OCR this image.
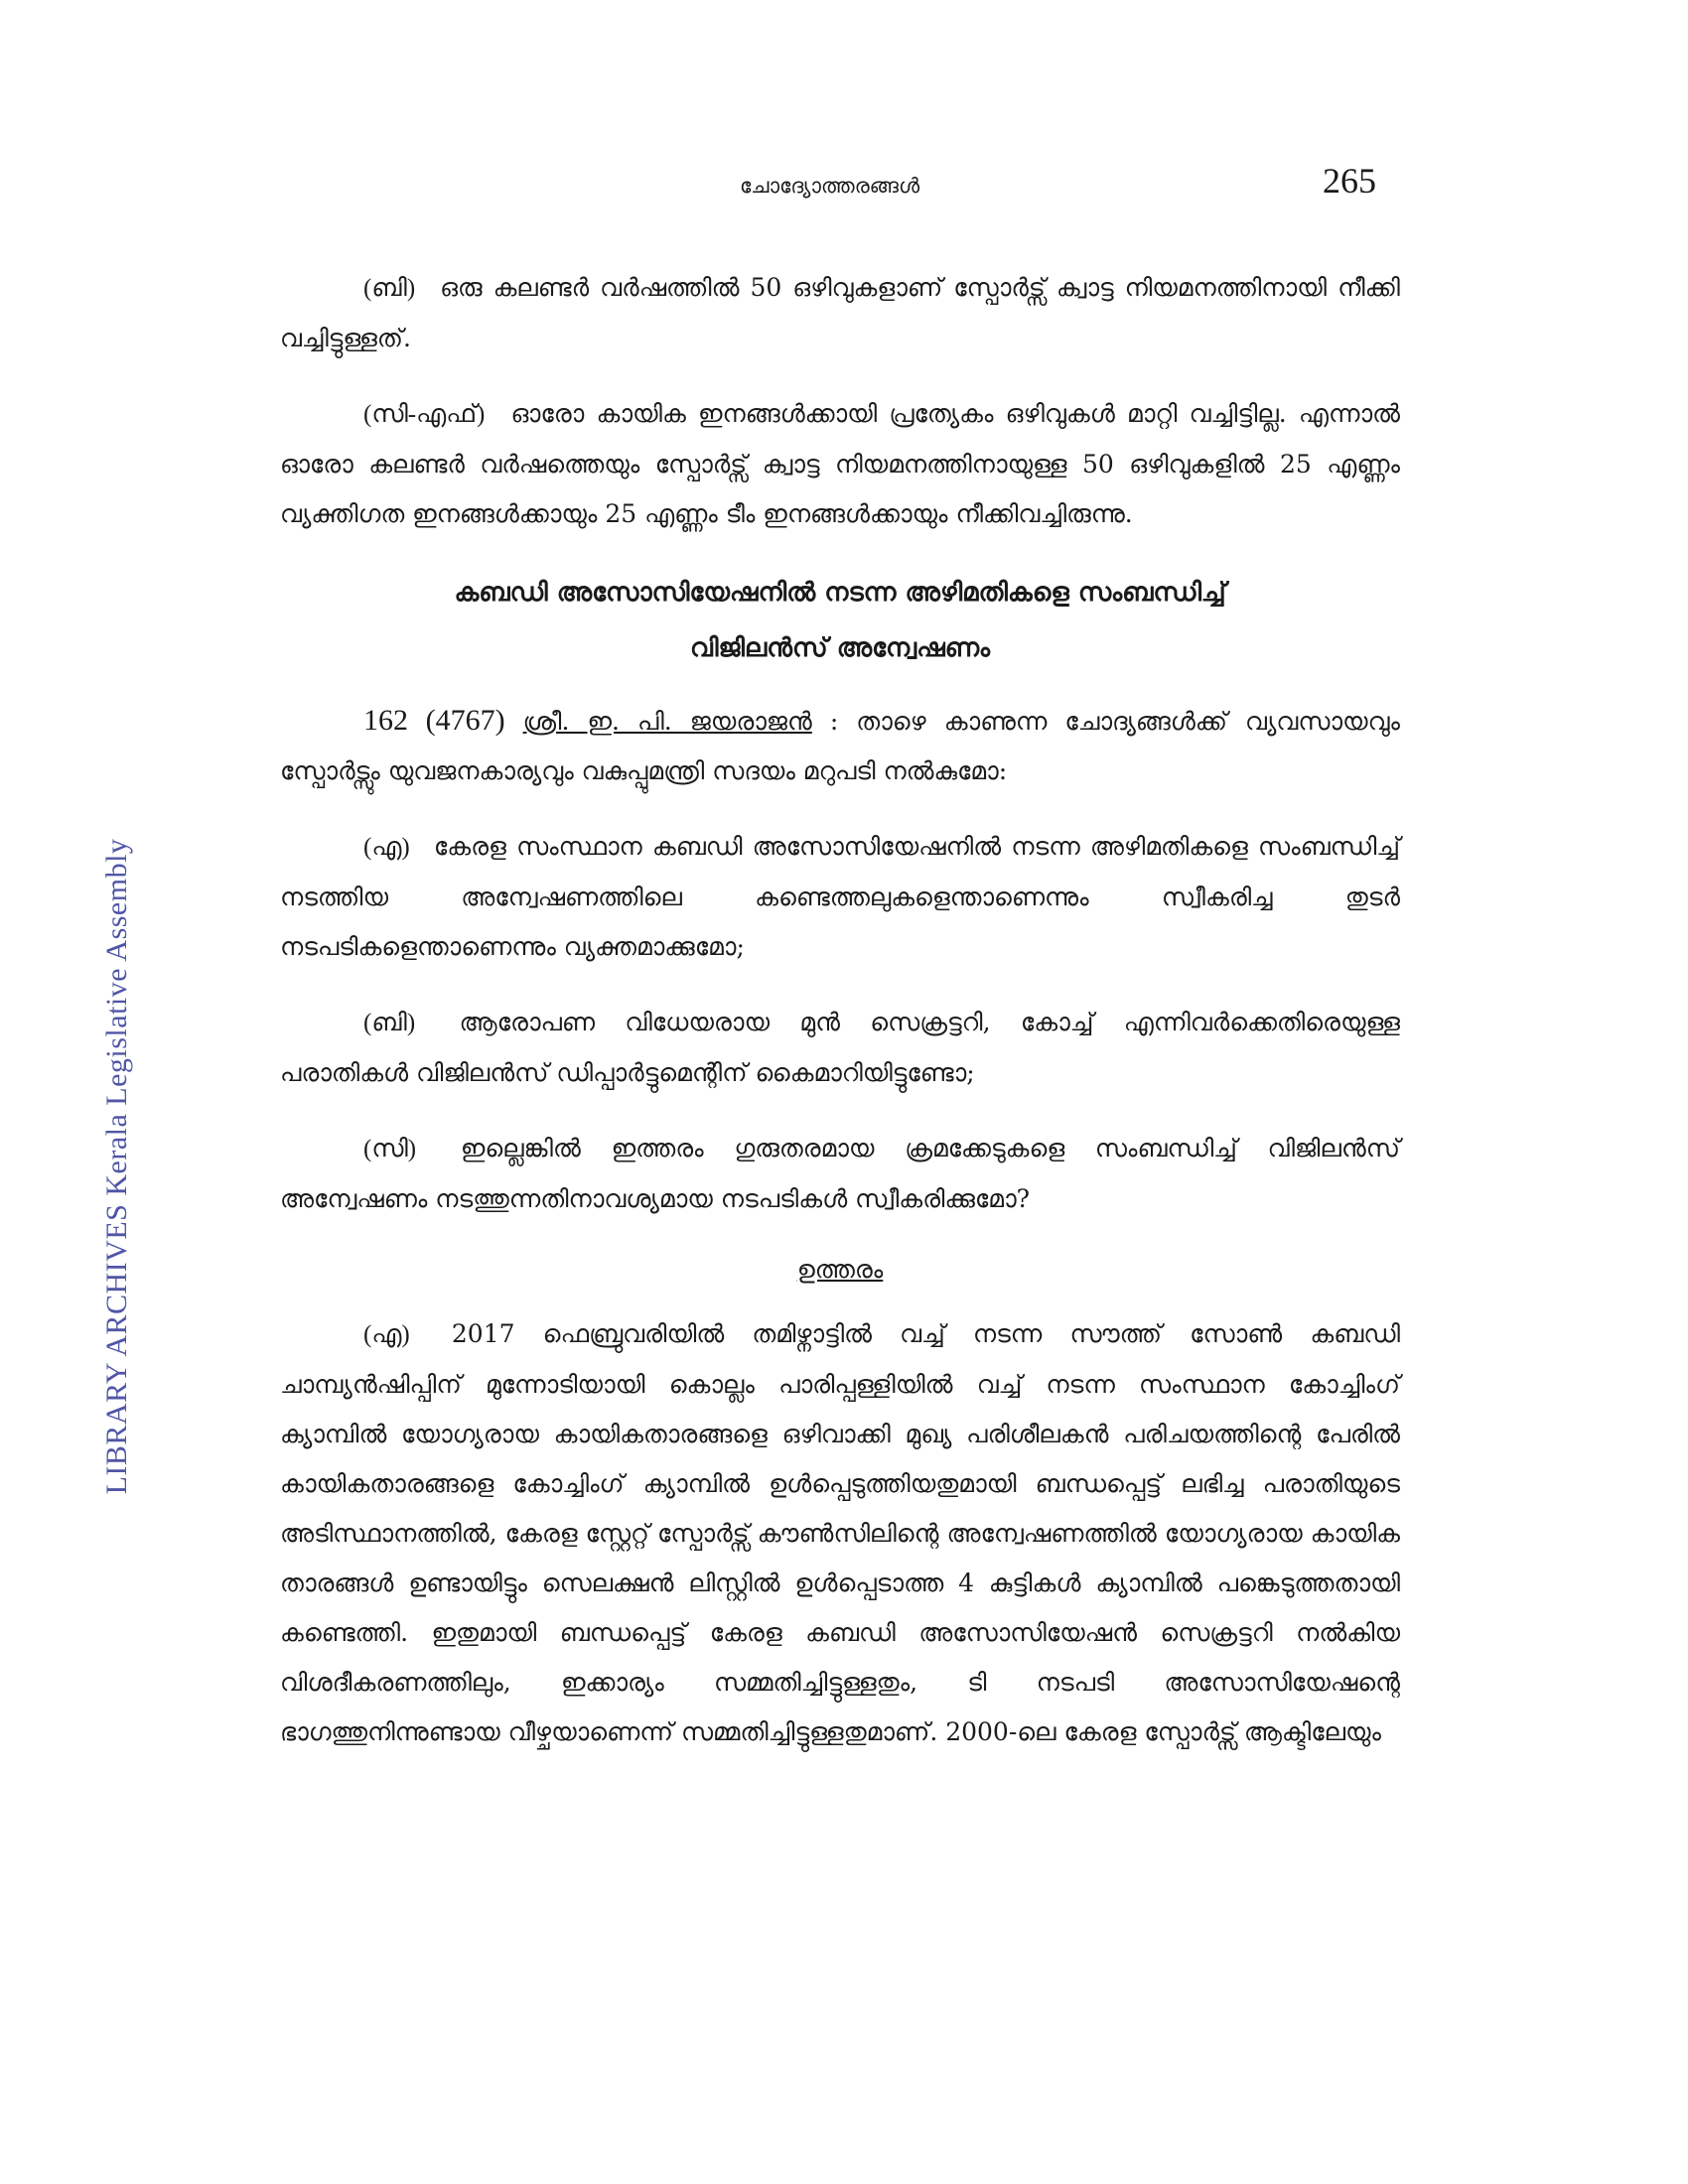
LIBRARY ARCHIVES Kerala Legislative Assembly
ചോദ്യോത്തരങ്ങൾ	265

(ബി) ഒരു കലണ്ടർ വർഷത്തിൽ 50 ഒഴിവുകളാണ് സ്പോർട്സ് ക്വാട്ട നിയമനത്തിനായി നീക്കി വച്ചിട്ടുള്ളത്.

(സി-എഫ്) ഓരോ കായിക ഇനങ്ങൾക്കായി പ്രത്യേകം ഒഴിവുകൾ മാറ്റി വച്ചിട്ടില്ല. എന്നാൽ ഓരോ കലണ്ടർ വർഷത്തെയും സ്പോർട്സ് ക്വാട്ട നിയമനത്തിനായുള്ള 50 ഒഴിവുകളിൽ 25 എണ്ണം വ്യക്തിഗത ഇനങ്ങൾക്കായും 25 എണ്ണം ടീം ഇനങ്ങൾക്കായും നീക്കിവച്ചിരുന്നു.

കബഡി അസോസിയേഷനിൽ നടന്ന അഴിമതികളെ സംബന്ധിച്ച്
വിജിലൻസ് അന്വേഷണം

162 (4767) ശ്രീ. ഇ. പി. ജയരാജൻ : താഴെ കാണുന്ന ചോദ്യങ്ങൾക്ക് വ്യവസായവും സ്പോർട്സും യുവജനകാര്യവും വകുപ്പുമന്ത്രി സദയം മറുപടി നൽകുമോ:

(എ) കേരള സംസ്ഥാന കബഡി അസോസിയേഷനിൽ നടന്ന അഴിമതികളെ സംബന്ധിച്ച് നടത്തിയ അന്വേഷണത്തിലെ കണ്ടെത്തലുകളെന്താണെന്നും സ്വീകരിച്ച തുടർ നടപടികളെന്താണെന്നും വ്യക്തമാക്കുമോ;

(ബി) ആരോപണ വിധേയരായ മുൻ സെക്രട്ടറി, കോച്ച് എന്നിവർക്കെതിരെയുള്ള പരാതികൾ വിജിലൻസ് ഡിപ്പാർട്ടുമെന്റിന് കൈമാറിയിട്ടുണ്ടോ;

(സി) ഇല്ലെങ്കിൽ ഇത്തരം ഗുരുതരമായ ക്രമക്കേടുകളെ സംബന്ധിച്ച് വിജിലൻസ് അന്വേഷണം നടത്തുന്നതിനാവശ്യമായ നടപടികൾ സ്വീകരിക്കുമോ?

ഉത്തരം

(എ) 2017 ഫെബ്രുവരിയിൽ തമിഴ്നാട്ടിൽ വച്ച് നടന്ന സൗത്ത് സോൺ കബഡി ചാമ്പ്യൻഷിപ്പിന് മുന്നോടിയായി കൊല്ലം പാരിപ്പള്ളിയിൽ വച്ച് നടന്ന സംസ്ഥാന കോച്ചിംഗ് ക്യാമ്പിൽ യോഗ്യരായ കായികതാരങ്ങളെ ഒഴിവാക്കി മുഖ്യ പരിശീലകൻ പരിചയത്തിന്റെ പേരിൽ കായികതാരങ്ങളെ കോച്ചിംഗ് ക്യാമ്പിൽ ഉൾപ്പെടുത്തിയതുമായി ബന്ധപ്പെട്ട് ലഭിച്ച പരാതിയുടെ അടിസ്ഥാനത്തിൽ, കേരള സ്റ്റേറ്റ് സ്പോർട്സ് കൗൺസിലിന്റെ അന്വേഷണത്തിൽ യോഗ്യരായ കായിക താരങ്ങൾ ഉണ്ടായിട്ടും സെലക്ഷൻ ലിസ്റ്റിൽ ഉൾപ്പെടാത്ത 4 കുട്ടികൾ ക്യാമ്പിൽ പങ്കെടുത്തതായി കണ്ടെത്തി. ഇതുമായി ബന്ധപ്പെട്ട് കേരള കബഡി അസോസിയേഷൻ സെക്രട്ടറി നൽകിയ വിശദീകരണത്തിലും, ഇക്കാര്യം സമ്മതിച്ചിട്ടുള്ളതും, ടി നടപടി അസോസിയേഷന്റെ ഭാഗത്തുനിന്നുണ്ടായ വീഴ്ചയാണെന്ന് സമ്മതിച്ചിട്ടുള്ളതുമാണ്. 2000-ലെ കേരള സ്പോർട്സ് ആക്ടിലേയും
